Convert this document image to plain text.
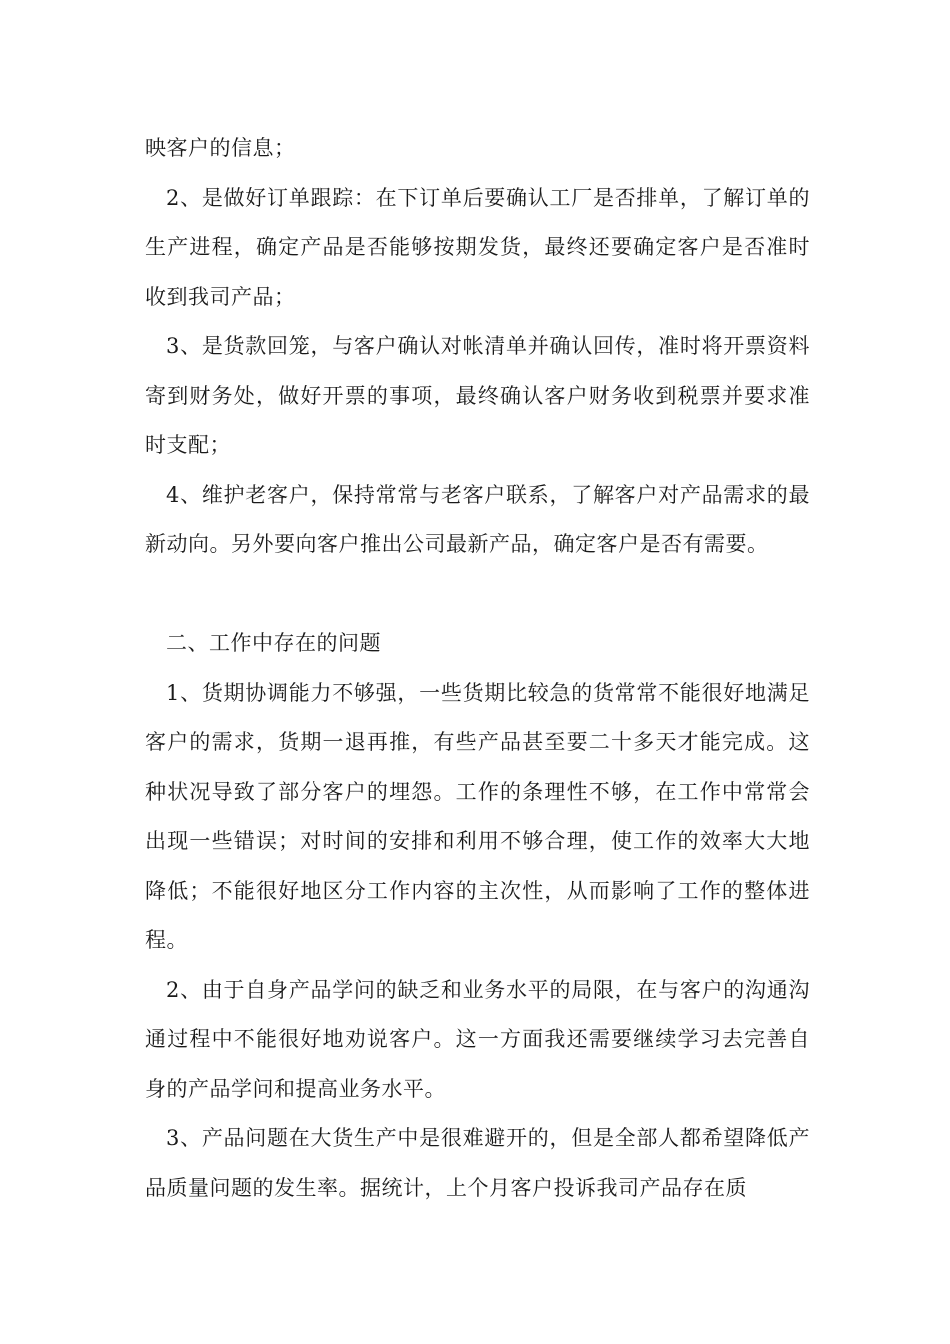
映客户的信息；

2、是做好订单跟踪：在下订单后要确认工厂是否排单，了解订单的生产进程，确定产品是否能够按期发货，最终还要确定客户是否准时收到我司产品；

3、是货款回笼，与客户确认对帐清单并确认回传，准时将开票资料寄到财务处，做好开票的事项，最终确认客户财务收到税票并要求准时支配；

4、维护老客户，保持常常与老客户联系，了解客户对产品需求的最新动向。另外要向客户推出公司最新产品，确定客户是否有需要。

二、工作中存在的问题

1、货期协调能力不够强，一些货期比较急的货常常不能很好地满足客户的需求，货期一退再推，有些产品甚至要二十多天才能完成。这种状况导致了部分客户的埋怨。工作的条理性不够，在工作中常常会出现一些错误；对时间的安排和利用不够合理，使工作的效率大大地降低；不能很好地区分工作内容的主次性，从而影响了工作的整体进程。

2、由于自身产品学问的缺乏和业务水平的局限，在与客户的沟通沟通过程中不能很好地劝说客户。这一方面我还需要继续学习去完善自身的产品学问和提高业务水平。

3、产品问题在大货生产中是很难避开的，但是全部人都希望降低产品质量问题的发生率。据统计，上个月客户投诉我司产品存在质
